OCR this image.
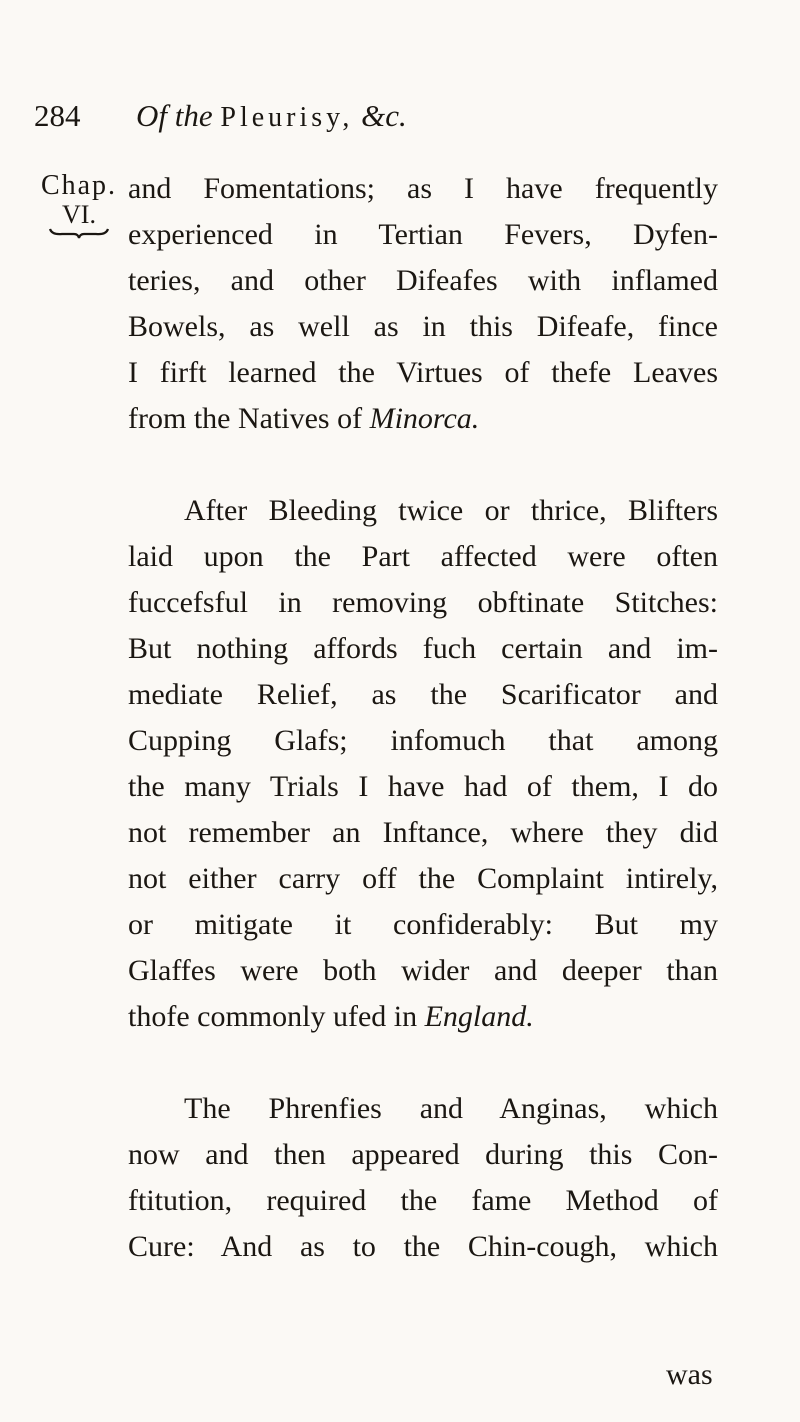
284 Of the Pleurisy, &c.
Chap.
VI.
and Fomentations; as I have frequently
experienced in Tertian Fevers, Dyfen-
teries, and other Difeafes with inflamed
Bowels, as well as in this Difeafe, fince
I firft learned the Virtues of thefe Leaves
from the Natives of Minorca.
After Bleeding twice or thrice, Blifters
laid upon the Part affected were often
fuccefsful in removing obftinate Stitches:
But nothing affords fuch certain and im-
mediate Relief, as the Scarificator and
Cupping Glafs; infomuch that among
the many Trials I have had of them, I do
not remember an Inftance, where they did
not either carry off the Complaint intirely,
or mitigate it confiderably: But my
Glaffes were both wider and deeper than
thofe commonly ufed in England.
The Phrenfies and Anginas, which
now and then appeared during this Con-
ftitution, required the fame Method of
Cure: And as to the Chin-cough, which
was
